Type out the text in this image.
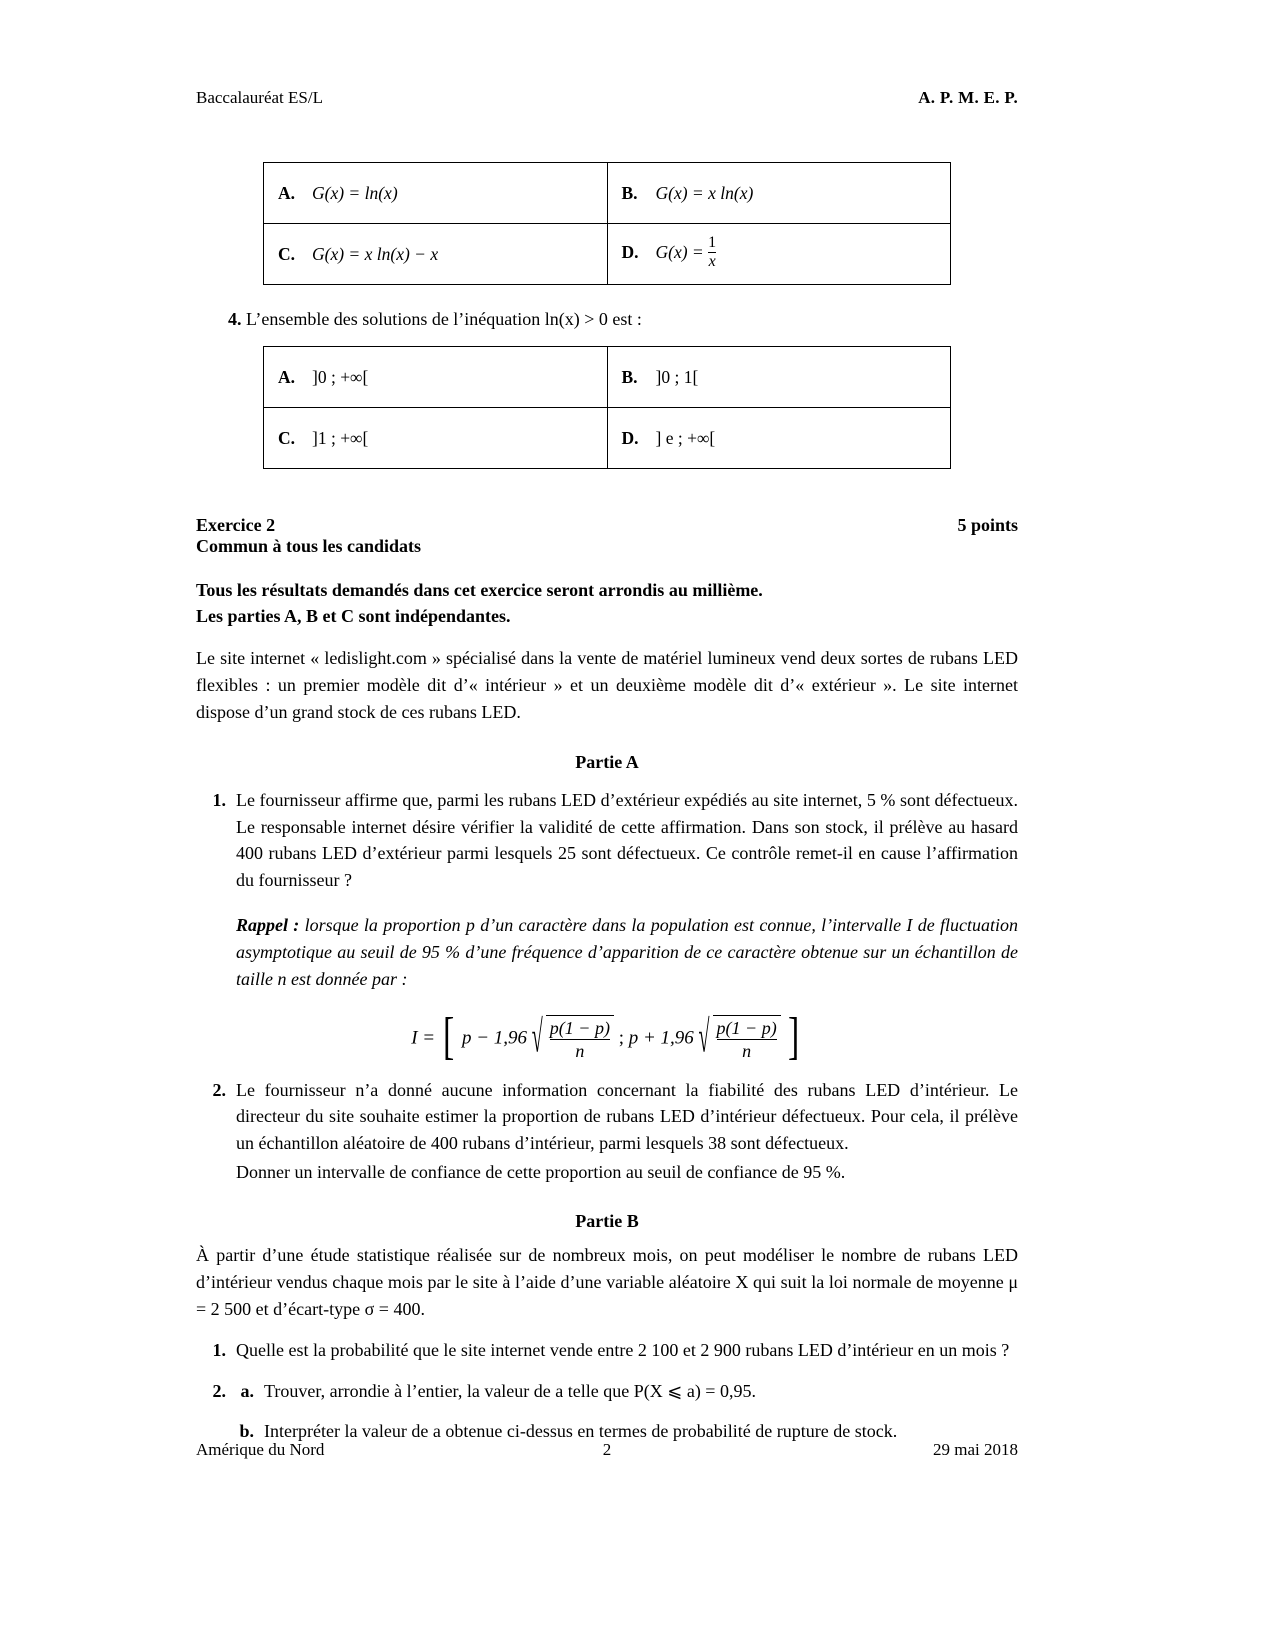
Baccalauréat ES/L	A. P. M. E. P.
A. G(x) = ln(x)	B. G(x) = x ln(x)
C. G(x) = x ln(x) − x	D. $G(x) = \frac{1}{x}$
4. L’ensemble des solutions de l’inéquation ln(x) > 0 est :
A. ]0 ; +∞[	B. ]0 ; 1[
C. ]1 ; +∞[	D. ] e ; +∞[
Exercice 2	5 points
Commun à tous les candidats
Tous les résultats demandés dans cet exercice seront arrondis au millième.
Les parties A, B et C sont indépendantes.
Le site internet « ledislight.com » spécialisé dans la vente de matériel lumineux vend deux sortes de rubans LED flexibles : un premier modèle dit d’« intérieur » et un deuxième modèle dit d’« extérieur ». Le site internet dispose d’un grand stock de ces rubans LED.
Partie A
1. Le fournisseur affirme que, parmi les rubans LED d’extérieur expédiés au site internet, 5 % sont défectueux. Le responsable internet désire vérifier la validité de cette affirmation. Dans son stock, il prélève au hasard 400 rubans LED d’extérieur parmi lesquels 25 sont défectueux. Ce contrôle remet-il en cause l’affirmation du fournisseur ?
Rappel : lorsque la proportion p d’un caractère dans la population est connue, l’intervalle I de fluctuation asymptotique au seuil de 95 % d’une fréquence d’apparition de ce caractère obtenue sur un échantillon de taille n est donnée par :
I = [ p − 1,96 √ $\frac{p(1 - p)}{n}$ ; p + 1,96 √ $\frac{p(1 - p)}{n}$ ]
2. Le fournisseur n’a donné aucune information concernant la fiabilité des rubans LED d’intérieur. Le directeur du site souhaite estimer la proportion de rubans LED d’intérieur défectueux. Pour cela, il prélève un échantillon aléatoire de 400 rubans d’intérieur, parmi lesquels 38 sont défectueux.
Donner un intervalle de confiance de cette proportion au seuil de confiance de 95 %.
Partie B
À partir d’une étude statistique réalisée sur de nombreux mois, on peut modéliser le nombre de rubans LED d’intérieur vendus chaque mois par le site à l’aide d’une variable aléatoire X qui suit la loi normale de moyenne μ = 2 500 et d’écart-type σ = 400.
1. Quelle est la probabilité que le site internet vende entre 2 100 et 2 900 rubans LED d’intérieur en un mois ?
2. a. Trouver, arrondie à l’entier, la valeur de a telle que P(X ⩽ a) = 0,95.
b. Interpréter la valeur de a obtenue ci-dessus en termes de probabilité de rupture de stock.
Amérique du Nord	2	29 mai 2018
